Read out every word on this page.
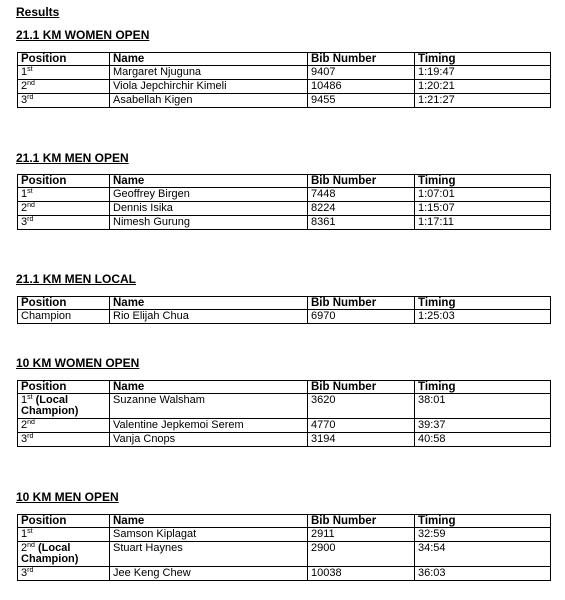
Results
21.1 KM WOMEN OPEN
Position	Name	Bib Number	Timing
1st	Margaret Njuguna	9407	1:19:47
2nd	Viola Jepchirchir Kimeli	10486	1:20:21
3rd	Asabellah Kigen	9455	1:21:27
21.1 KM MEN OPEN
Position	Name	Bib Number	Timing
1st	Geoffrey Birgen	7448	1:07:01
2nd	Dennis Isika	8224	1:15:07
3rd	Nimesh Gurung	8361	1:17:11
21.1 KM MEN LOCAL
Position	Name	Bib Number	Timing
Champion	Rio Elijah Chua	6970	1:25:03
10 KM WOMEN OPEN
Position	Name	Bib Number	Timing
1st (Local Champion)	Suzanne Walsham	3620	38:01
2nd	Valentine Jepkemoi Serem	4770	39:37
3rd	Vanja Cnops	3194	40:58
10 KM MEN OPEN
Position	Name	Bib Number	Timing
1st	Samson Kiplagat	2911	32:59
2nd (Local Champion)	Stuart Haynes	2900	34:54
3rd	Jee Keng Chew	10038	36:03
